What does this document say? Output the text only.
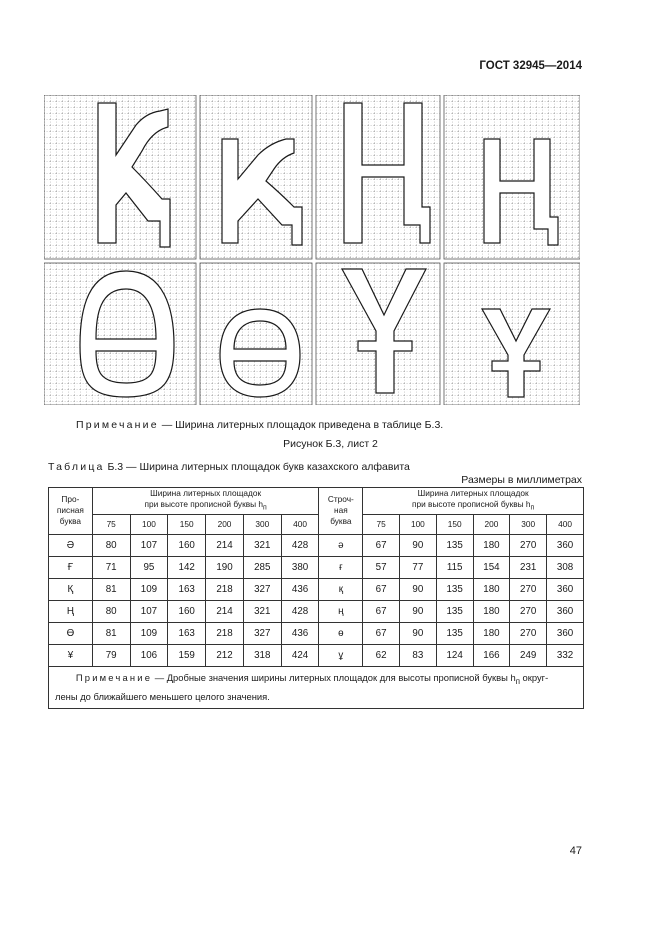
ГОСТ 32945—2014
Примечание — Ширина литерных площадок приведена в таблице Б.3.
Рисунок Б.3, лист 2
Таблица Б.3 — Ширина литерных площадок букв казахского алфавита
Размеры в миллиметрах
Про-
писная
буква	Ширина литерных площадок
при высоте прописной буквы $h_п$						Строч-
ная
буква	Ширина литерных площадок
при высоте прописной буквы $h_п$
	75	100	150	200	300	400		75	100	150	200	300	400
Ə	80	107	160	214	321	428	ə	67	90	135	180	270	360
Ғ	71	95	142	190	285	380	ғ	57	77	115	154	231	308
Қ	81	109	163	218	327	436	қ	67	90	135	180	270	360
Ң	80	107	160	214	321	428	ң	67	90	135	180	270	360
Ө	81	109	163	218	327	436	ө	67	90	135	180	270	360
¥	79	106	159	212	318	424	ұ	62	83	124	166	249	332
Примечание — Дробные значения ширины литерных площадок для высоты прописной буквы $h_п$ округ-
лены до ближайшего меньшего целого значения.													
47
